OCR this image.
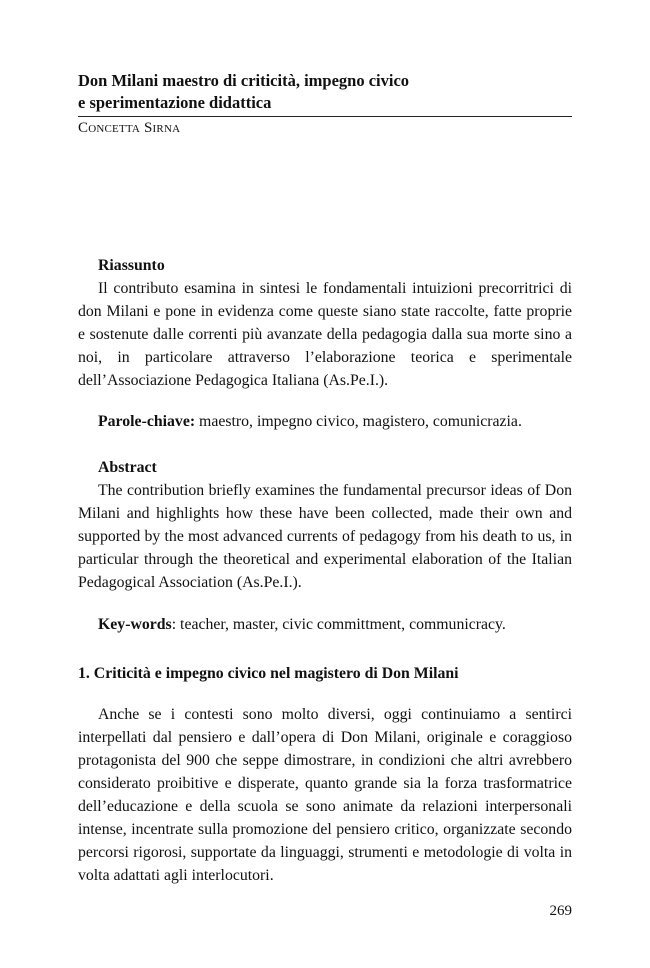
Don Milani maestro di criticità, impegno civico
e sperimentazione didattica
Concetta Sirna

Riassunto

Il contributo esamina in sintesi le fondamentali intuizioni precorritrici di don Milani e pone in evidenza come queste siano state raccolte, fatte proprie e sostenute dalle correnti più avanzate della pedagogia dalla sua morte sino a noi, in particolare attraverso l’elaborazione teorica e sperimentale dell’Associazione Pedagogica Italiana (As.Pe.I.).

Parole-chiave: maestro, impegno civico, magistero, comunicrazia.

Abstract

The contribution briefly examines the fundamental precursor ideas of Don Milani and highlights how these have been collected, made their own and supported by the most advanced currents of pedagogy from his death to us, in particular through the theoretical and experimental elaboration of the Italian Pedagogical Association (As.Pe.I.).

Key-words: teacher, master, civic committment, communicracy.

1. Criticità e impegno civico nel magistero di Don Milani

Anche se i contesti sono molto diversi, oggi continuiamo a sentirci interpellati dal pensiero e dall’opera di Don Milani, originale e coraggioso protagonista del 900 che seppe dimostrare, in condizioni che altri avrebbero considerato proibitive e disperate, quanto grande sia la forza trasformatrice dell’educazione e della scuola se sono animate da relazioni interpersonali intense, incentrate sulla promozione del pensiero critico, organizzate secondo percorsi rigorosi, supportate da linguaggi, strumenti e metodologie di volta in volta adattati agli interlocutori.

269
